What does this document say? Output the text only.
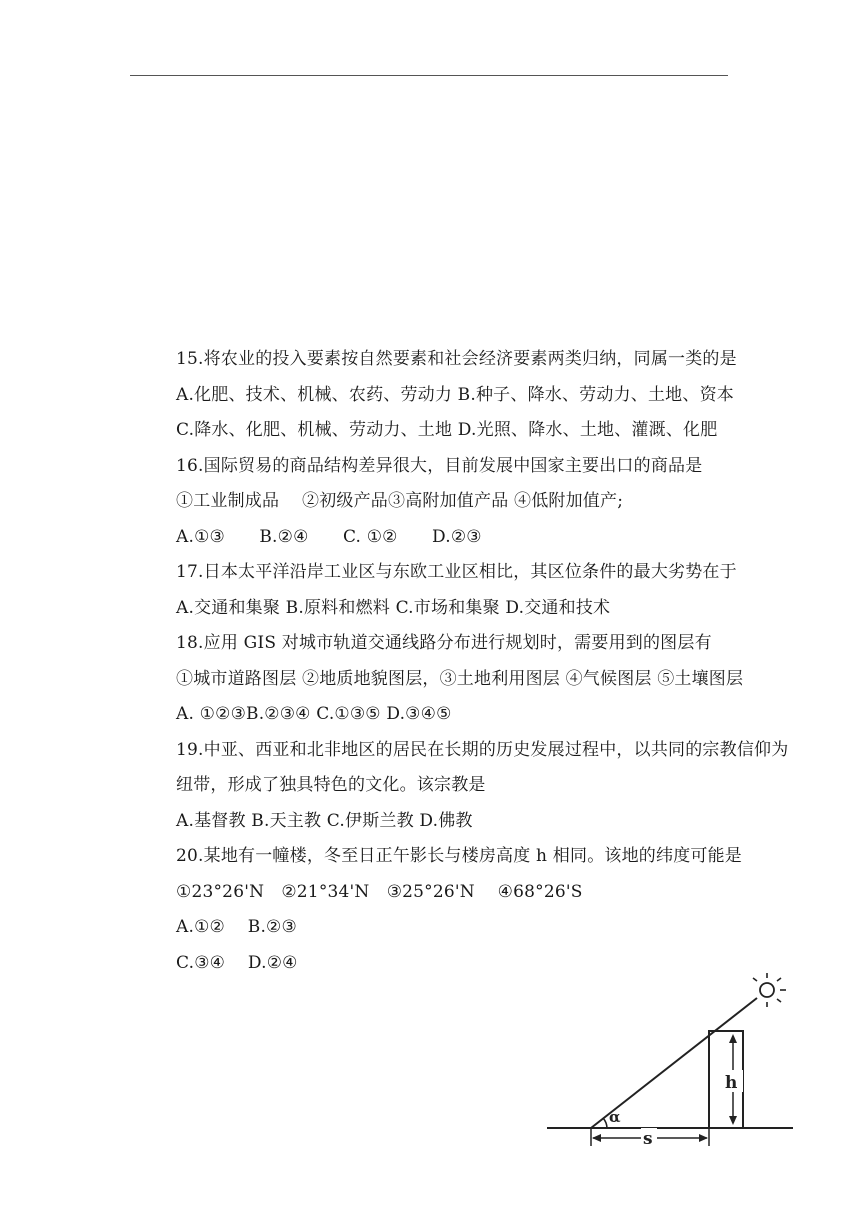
15.将农业的投入要素按自然要素和社会经济要素两类归纳，同属一类的是
A.化肥、技术、机械、农药、劳动力 B.种子、降水、劳动力、土地、资本
C.降水、化肥、机械、劳动力、土地 D.光照、降水、土地、灌溉、化肥
16.国际贸易的商品结构差异很大，目前发展中国家主要出口的商品是
①工业制成品　 ②初级产品③高附加值产品 ④低附加值产;
A.①③　　B.②④　　C. ①②　　D.②③
17.日本太平洋沿岸工业区与东欧工业区相比，其区位条件的最大劣势在于
A.交通和集聚 B.原料和燃料 C.市场和集聚 D.交通和技术
18.应用 GIS 对城市轨道交通线路分布进行规划时，需要用到的图层有
①城市道路图层 ②地质地貌图层，③土地利用图层 ④气候图层 ⑤土壤图层
A. ①②③B.②③④ C.①③⑤ D.③④⑤
19.中亚、西亚和北非地区的居民在长期的历史发展过程中，以共同的宗教信仰为纽带，形成了独具特色的文化。该宗教是
A.基督教 B.天主教 C.伊斯兰教 D.佛教
20.某地有一幢楼，冬至日正午影长与楼房高度 h 相同。该地的纬度可能是
①23°26'N　②21°34'N　③25°26'N　 ④68°26'S
A.①②　 B.②③
C.③④　 D.②④
α
h
s
